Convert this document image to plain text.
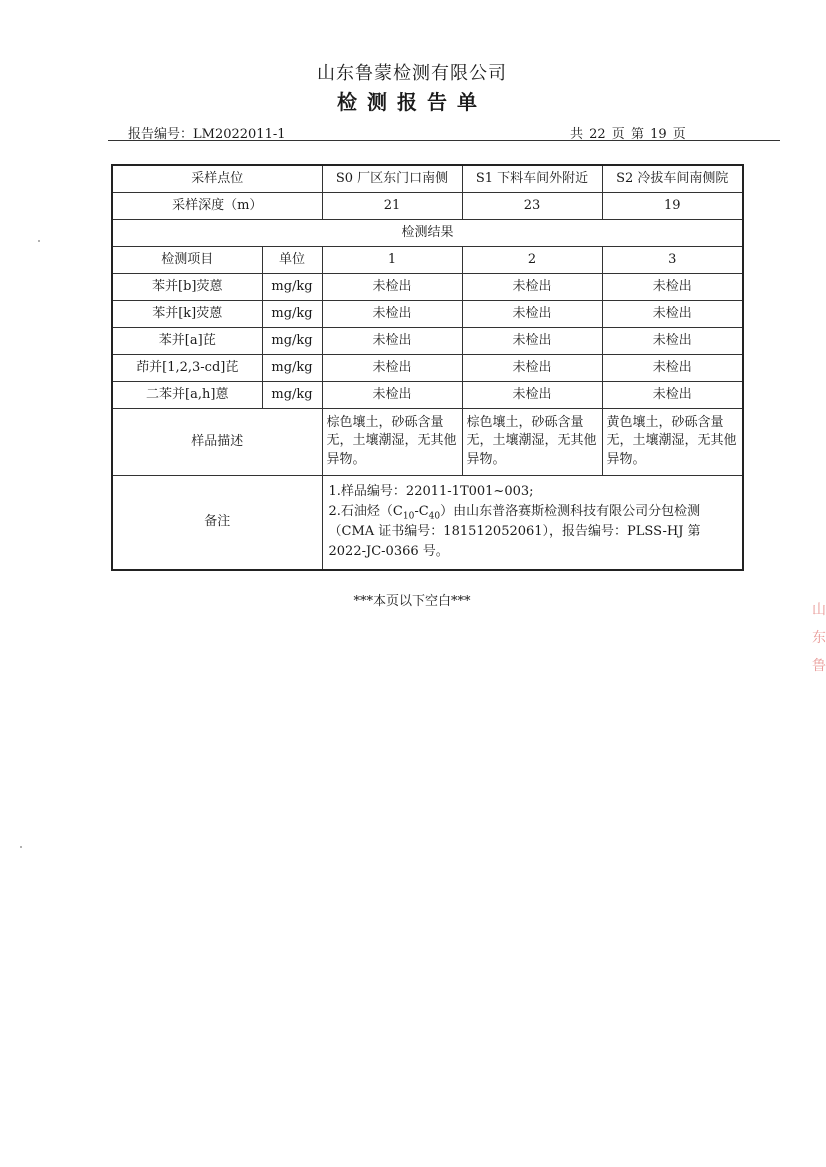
山东鲁蒙检测有限公司
检测报告单
报告编号：LM2022011-1	共 22 页 第 19 页
采样点位		S0 厂区东门口南侧	S1 下料车间外附近	S2 冷拔车间南侧院
采样深度（m）		21	23	19
检测结果				
检测项目	单位	1	2	3
苯并[b]荧蒽	mg/kg	未检出	未检出	未检出
苯并[k]荧蒽	mg/kg	未检出	未检出	未检出
苯并[a]芘	mg/kg	未检出	未检出	未检出
茚并[1,2,3-cd]芘	mg/kg	未检出	未检出	未检出
二苯并[a,h]蒽	mg/kg	未检出	未检出	未检出
样品描述		棕色壤土，砂砾含量无，土壤潮湿，无其他异物。	棕色壤土，砂砾含量无，土壤潮湿，无其他异物。	黄色壤土，砂砾含量无，土壤潮湿，无其他异物。
备注		1.样品编号：22011-1T001~003;
2.石油烃$(C_{10}-C_{40})$由山东普洛赛斯检测科技有限公司分包检测（CMA 证书编号：181512052061），报告编号：PLSS-HJ 第 2022-JC-0366 号。		
***本页以下空白***
山 东 鲁
